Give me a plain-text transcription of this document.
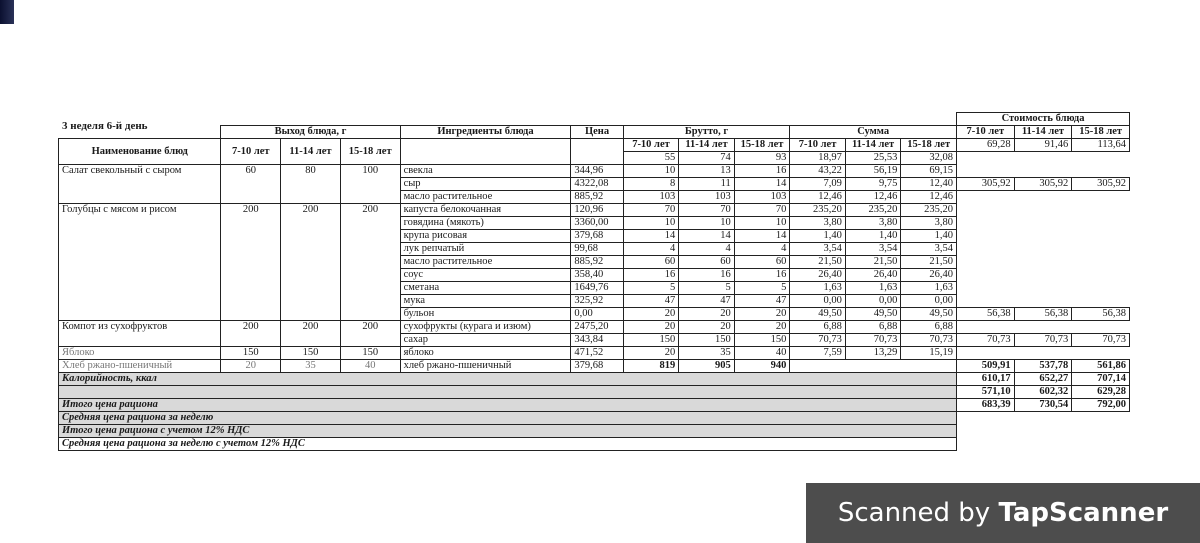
3 неделя 6-й день
												Стоимость блюда		
	Выход блюда, г			Ингредиенты блюда	Цена	Брутто, г			Сумма			7-10 лет	11-14 лет	15-18 лет
Наименование блюд	7-10 лет	11-14 лет	15-18 лет			7-10 лет	11-14 лет	15-18 лет	7-10 лет	11-14 лет	15-18 лет	69,28	91,46	113,64
						55	74	93	18,97	25,53	32,08			
Салат свекольный с сыром	60	80	100	свекла	344,96	10	13	16	43,22	56,19	69,15			
				сыр	4322,08	8	11	14	7,09	9,75	12,40	305,92	305,92	305,92
				масло растительное	885,92	103	103	103	12,46	12,46	12,46			
Голубцы с мясом и рисом	200	200	200	капуста белокочанная	120,96	70	70	70	235,20	235,20	235,20			
				говядина (мякоть)	3360,00	10	10	10	3,80	3,80	3,80			
				крупа рисовая	379,68	14	14	14	1,40	1,40	1,40			
				лук репчатый	99,68	4	4	4	3,54	3,54	3,54			
				масло растительное	885,92	60	60	60	21,50	21,50	21,50			
				соус	358,40	16	16	16	26,40	26,40	26,40			
				сметана	1649,76	5	5	5	1,63	1,63	1,63			
				мука	325,92	47	47	47	0,00	0,00	0,00			
				бульон	0,00	20	20	20	49,50	49,50	49,50	56,38	56,38	56,38
Компот из сухофруктов	200	200	200	сухофрукты (курага и изюм)	2475,20	20	20	20	6,88	6,88	6,88			
				сахар	343,84	150	150	150	70,73	70,73	70,73	70,73	70,73	70,73
Яблоко	150	150	150	яблоко	471,52	20	35	40	7,59	13,29	15,19			
Хлеб ржано-пшеничный	20	35	40	хлеб ржано-пшеничный	379,68	819	905	940				509,91	537,78	561,86
Калорийность, ккал												610,17	652,27	707,14
												571,10	602,32	629,28
Итого цена рациона												683,39	730,54	792,00
Средняя цена рациона за неделю														
Итого цена рациона с учетом 12% НДС														
Средняя цена рациона за неделю с учетом 12% НДС														
Scanned by TapScanner
